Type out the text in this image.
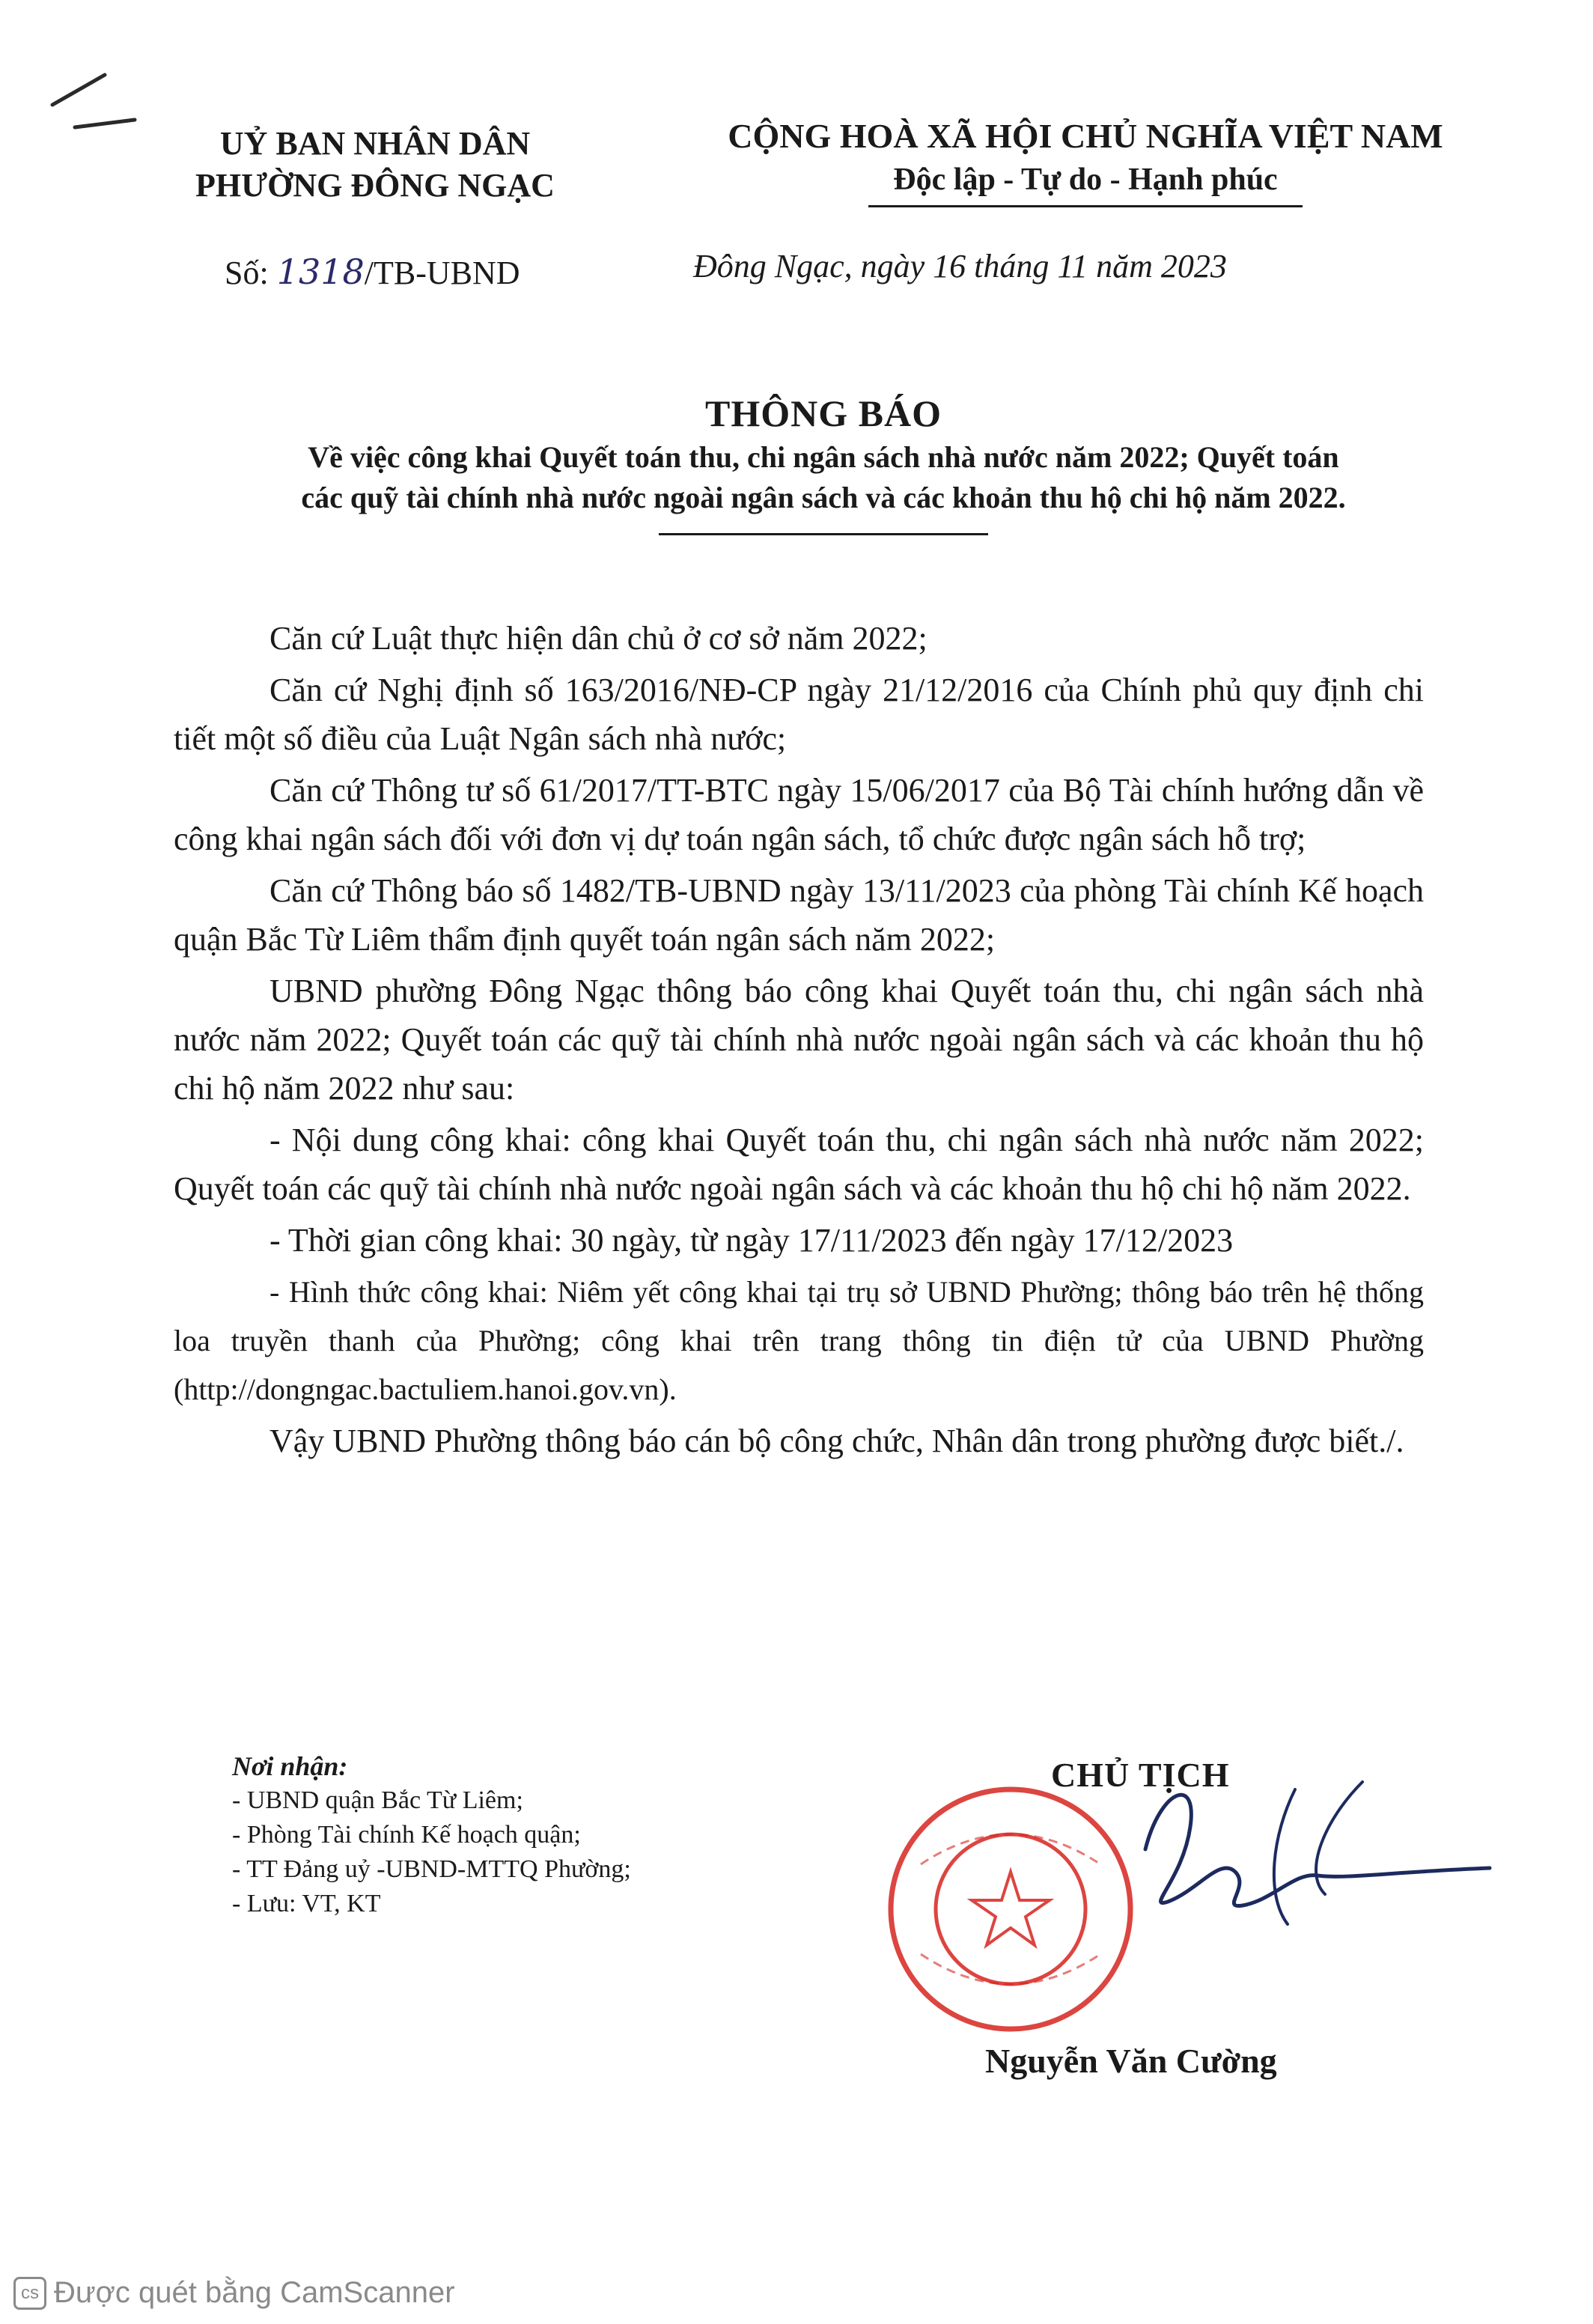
UỶ BAN NHÂN DÂN
PHƯỜNG ĐÔNG NGẠC
CỘNG HOÀ XÃ HỘI CHỦ NGHĨA VIỆT NAM
Độc lập - Tự do - Hạnh phúc
Số: 1318/TB-UBND	Đông Ngạc, ngày 16 tháng 11 năm 2023
THÔNG BÁO
Về việc công khai Quyết toán thu, chi ngân sách nhà nước năm 2022; Quyết toán
các quỹ tài chính nhà nước ngoài ngân sách và các khoản thu hộ chi hộ năm 2022.

Căn cứ Luật thực hiện dân chủ ở cơ sở năm 2022;

Căn cứ Nghị định số 163/2016/NĐ-CP ngày 21/12/2016 của Chính phủ quy định chi tiết một số điều của Luật Ngân sách nhà nước;

Căn cứ Thông tư số 61/2017/TT-BTC ngày 15/06/2017 của Bộ Tài chính hướng dẫn về công khai ngân sách đối với đơn vị dự toán ngân sách, tổ chức được ngân sách hỗ trợ;

Căn cứ Thông báo số 1482/TB-UBND ngày 13/11/2023 của phòng Tài chính Kế hoạch quận Bắc Từ Liêm thẩm định quyết toán ngân sách năm 2022;

UBND phường Đông Ngạc thông báo công khai Quyết toán thu, chi ngân sách nhà nước năm 2022; Quyết toán các quỹ tài chính nhà nước ngoài ngân sách và các khoản thu hộ chi hộ năm 2022 như sau:

- Nội dung công khai: công khai Quyết toán thu, chi ngân sách nhà nước năm 2022; Quyết toán các quỹ tài chính nhà nước ngoài ngân sách và các khoản thu hộ chi hộ năm 2022.

- Thời gian công khai: 30 ngày, từ ngày 17/11/2023 đến ngày 17/12/2023

- Hình thức công khai: Niêm yết công khai tại trụ sở UBND Phường; thông báo trên hệ thống loa truyền thanh của Phường; công khai trên trang thông tin điện tử của UBND Phường (http://dongngac.bactuliem.hanoi.gov.vn).

Vậy UBND Phường thông báo cán bộ công chức, Nhân dân trong phường được biết./.

Nơi nhận:
- UBND quận Bắc Từ Liêm;
- Phòng Tài chính Kế hoạch quận;
- TT Đảng uỷ -UBND-MTTQ Phường;
- Lưu: VT, KT
CHỦ TỊCH
Nguyễn Văn Cường
cs Được quét bằng CamScanner
